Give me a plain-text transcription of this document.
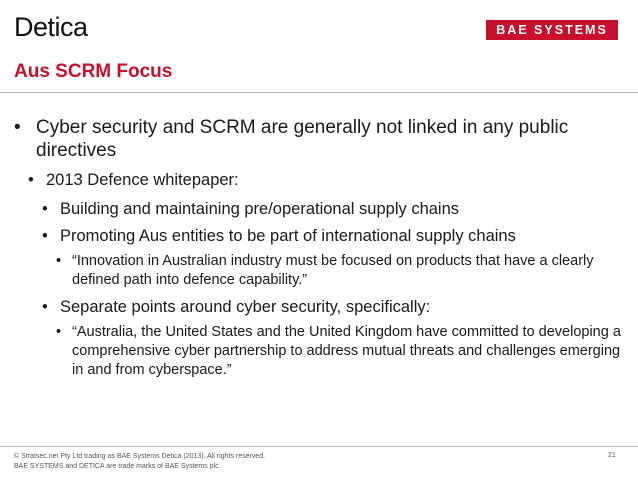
Detica	BAE SYSTEMS
Aus SCRM Focus
• Cyber security and SCRM are generally not linked in any public directives
• 2013 Defence whitepaper:
• Building and maintaining pre/operational supply chains
• Promoting Aus entities to be part of international supply chains
• “Innovation in Australian industry must be focused on products that have a clearly defined path into defence capability.”
• Separate points around cyber security, specifically:
• “Australia, the United States and the United Kingdom have committed to developing a comprehensive cyber partnership to address mutual threats and challenges emerging in and from cyberspace.”
© Stratsec.net Pty Ltd trading as BAE Systems Detica (2013). All rights reserved.
BAE SYSTEMS and DETICA are trade marks of BAE Systems plc.
21
